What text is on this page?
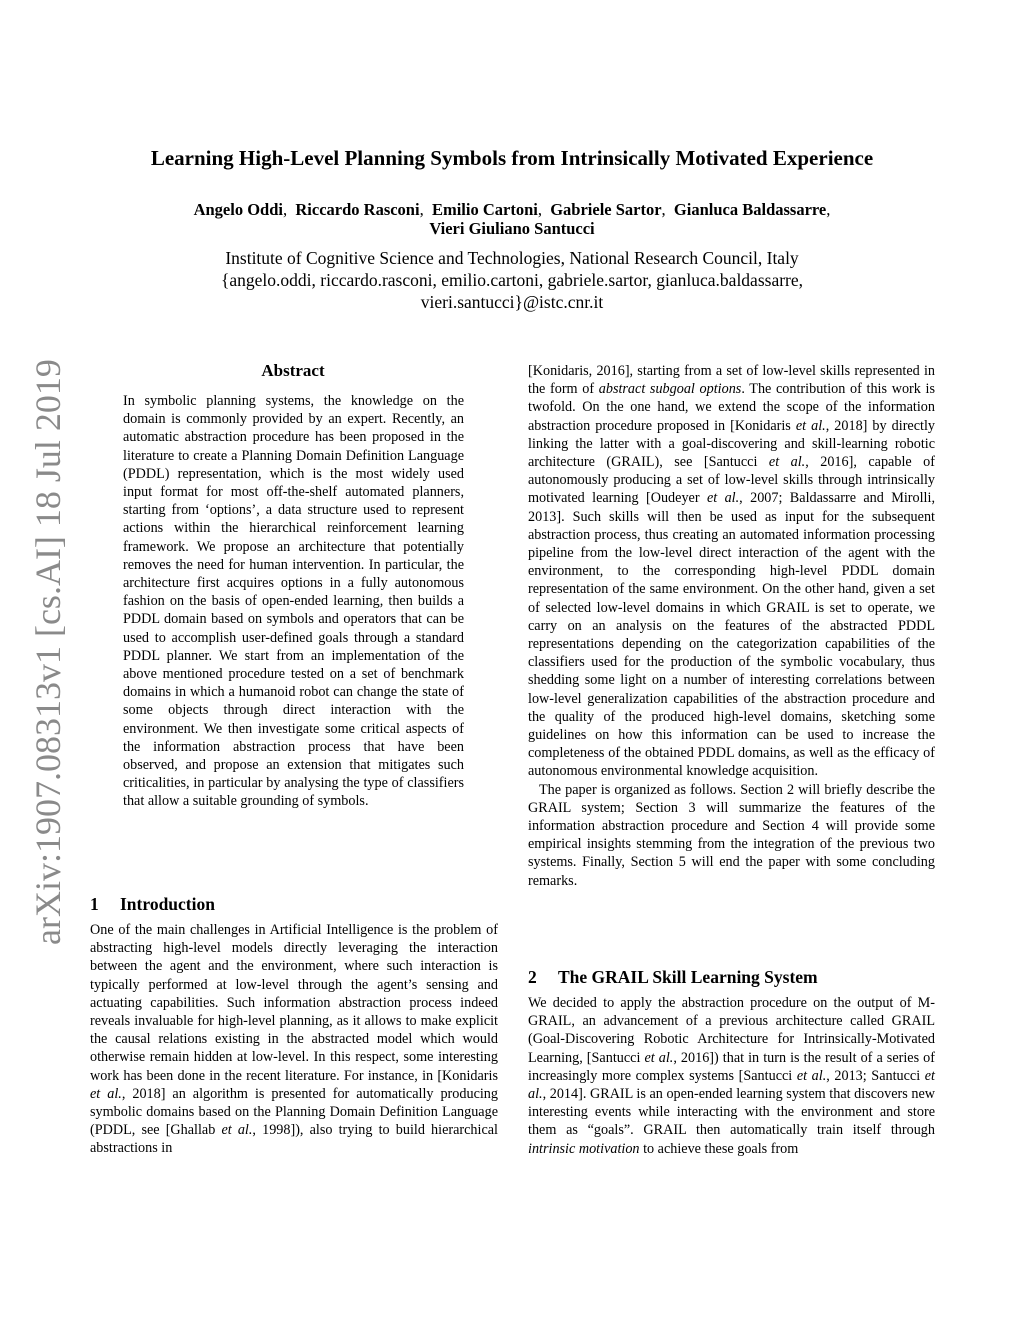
arXiv:1907.08313v1 [cs.AI] 18 Jul 2019
Learning High-Level Planning Symbols from Intrinsically Motivated Experience
Angelo Oddi, Riccardo Rasconi, Emilio Cartoni, Gabriele Sartor, Gianluca Baldassarre,
Vieri Giuliano Santucci
Institute of Cognitive Science and Technologies, National Research Council, Italy
{angelo.oddi, riccardo.rasconi, emilio.cartoni, gabriele.sartor, gianluca.baldassarre,
vieri.santucci}@istc.cnr.it
Abstract

In symbolic planning systems, the knowledge on the domain is commonly provided by an expert. Recently, an automatic abstraction procedure has been proposed in the literature to create a Planning Domain Definition Language (PDDL) representation, which is the most widely used input format for most off-the-shelf automated planners, starting from ‘options’, a data structure used to represent actions within the hierarchical reinforcement learning framework. We propose an architecture that potentially removes the need for human intervention. In particular, the architecture first acquires options in a fully autonomous fashion on the basis of open-ended learning, then builds a PDDL domain based on symbols and operators that can be used to accomplish user-defined goals through a standard PDDL planner. We start from an implementation of the above mentioned procedure tested on a set of benchmark domains in which a humanoid robot can change the state of some objects through direct interaction with the environment. We then investigate some critical aspects of the information abstraction process that have been observed, and propose an extension that mitigates such criticalities, in particular by analysing the type of classifiers that allow a suitable grounding of symbols.

1 Introduction

One of the main challenges in Artificial Intelligence is the problem of abstracting high-level models directly leveraging the interaction between the agent and the environment, where such interaction is typically performed at low-level through the agent’s sensing and actuating capabilities. Such information abstraction process indeed reveals invaluable for high-level planning, as it allows to make explicit the causal relations existing in the abstracted model which would otherwise remain hidden at low-level. In this respect, some interesting work has been done in the recent literature. For instance, in [Konidaris et al., 2018] an algorithm is presented for automatically producing symbolic domains based on the Planning Domain Definition Language (PDDL, see [Ghallab et al., 1998]), also trying to build hierarchical abstractions in

[Konidaris, 2016], starting from a set of low-level skills represented in the form of abstract subgoal options. The contribution of this work is twofold. On the one hand, we extend the scope of the information abstraction procedure proposed in [Konidaris et al., 2018] by directly linking the latter with a goal-discovering and skill-learning robotic architecture (GRAIL), see [Santucci et al., 2016], capable of autonomously producing a set of low-level skills through intrinsically motivated learning [Oudeyer et al., 2007; Baldassarre and Mirolli, 2013]. Such skills will then be used as input for the subsequent abstraction process, thus creating an automated information processing pipeline from the low-level direct interaction of the agent with the environment, to the corresponding high-level PDDL domain representation of the same environment. On the other hand, given a set of selected low-level domains in which GRAIL is set to operate, we carry on an analysis on the features of the abstracted PDDL representations depending on the categorization capabilities of the classifiers used for the production of the symbolic vocabulary, thus shedding some light on a number of interesting correlations between low-level generalization capabilities of the abstraction procedure and the quality of the produced high-level domains, sketching some guidelines on how this information can be used to increase the completeness of the obtained PDDL domains, as well as the efficacy of autonomous environmental knowledge acquisition.

The paper is organized as follows. Section 2 will briefly describe the GRAIL system; Section 3 will summarize the features of the information abstraction procedure and Section 4 will provide some empirical insights stemming from the integration of the previous two systems. Finally, Section 5 will end the paper with some concluding remarks.

2 The GRAIL Skill Learning System

We decided to apply the abstraction procedure on the output of M-GRAIL, an advancement of a previous architecture called GRAIL (Goal-Discovering Robotic Architecture for Intrinsically-Motivated Learning, [Santucci et al., 2016]) that in turn is the result of a series of increasingly more complex systems [Santucci et al., 2013; Santucci et al., 2014]. GRAIL is an open-ended learning system that discovers new interesting events while interacting with the environment and store them as “goals”. GRAIL then automatically train itself through intrinsic motivation to achieve these goals from
